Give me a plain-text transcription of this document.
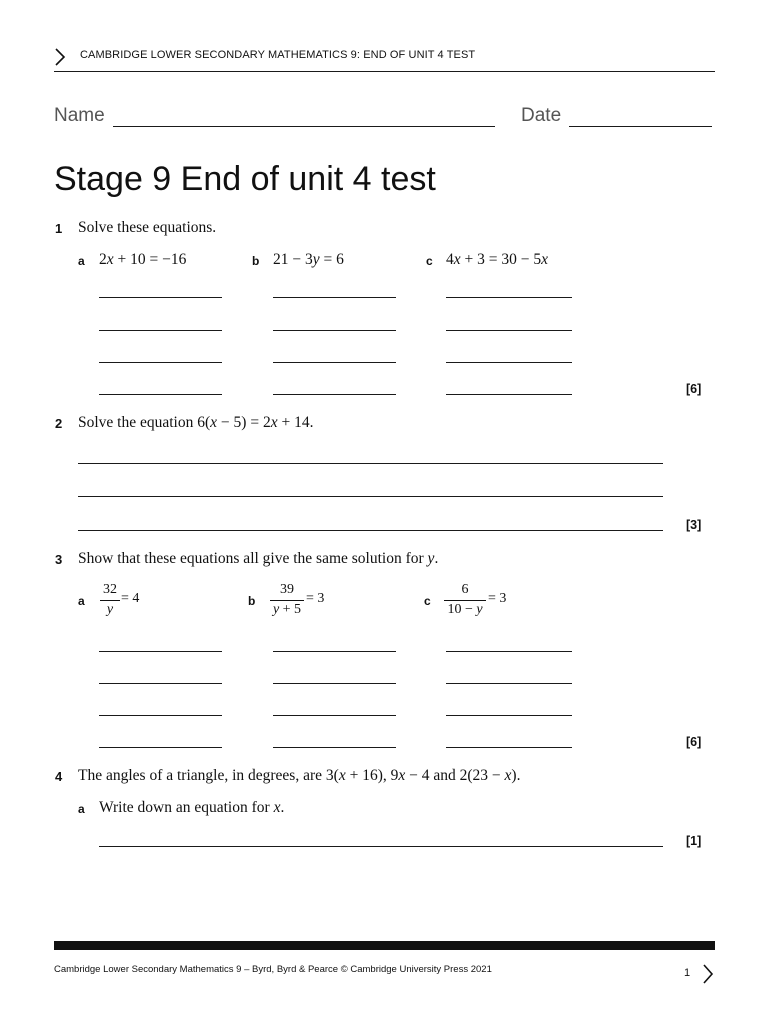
CAMBRIDGE LOWER SECONDARY MATHEMATICS 9: END OF UNIT 4 TEST
Name	Date
Stage 9 End of unit 4 test
1 Solve these equations.
a 2x + 10 = −16	b 21 − 3y = 6	c 4x + 3 = 30 − 5x
[6]
2 Solve the equation 6(x − 5) = 2x + 14.
[3]
3 Show that these equations all give the same solution for y.
a
32
y
= 4	b
39
y + 5
= 3	c
6
10 − y
= 3
[6]
4 The angles of a triangle, in degrees, are 3(x + 16), 9x − 4 and 2(23 − x).
a Write down an equation for x.
[1]
Cambridge Lower Secondary Mathematics 9 – Byrd, Byrd & Pearce © Cambridge University Press 2021	1
